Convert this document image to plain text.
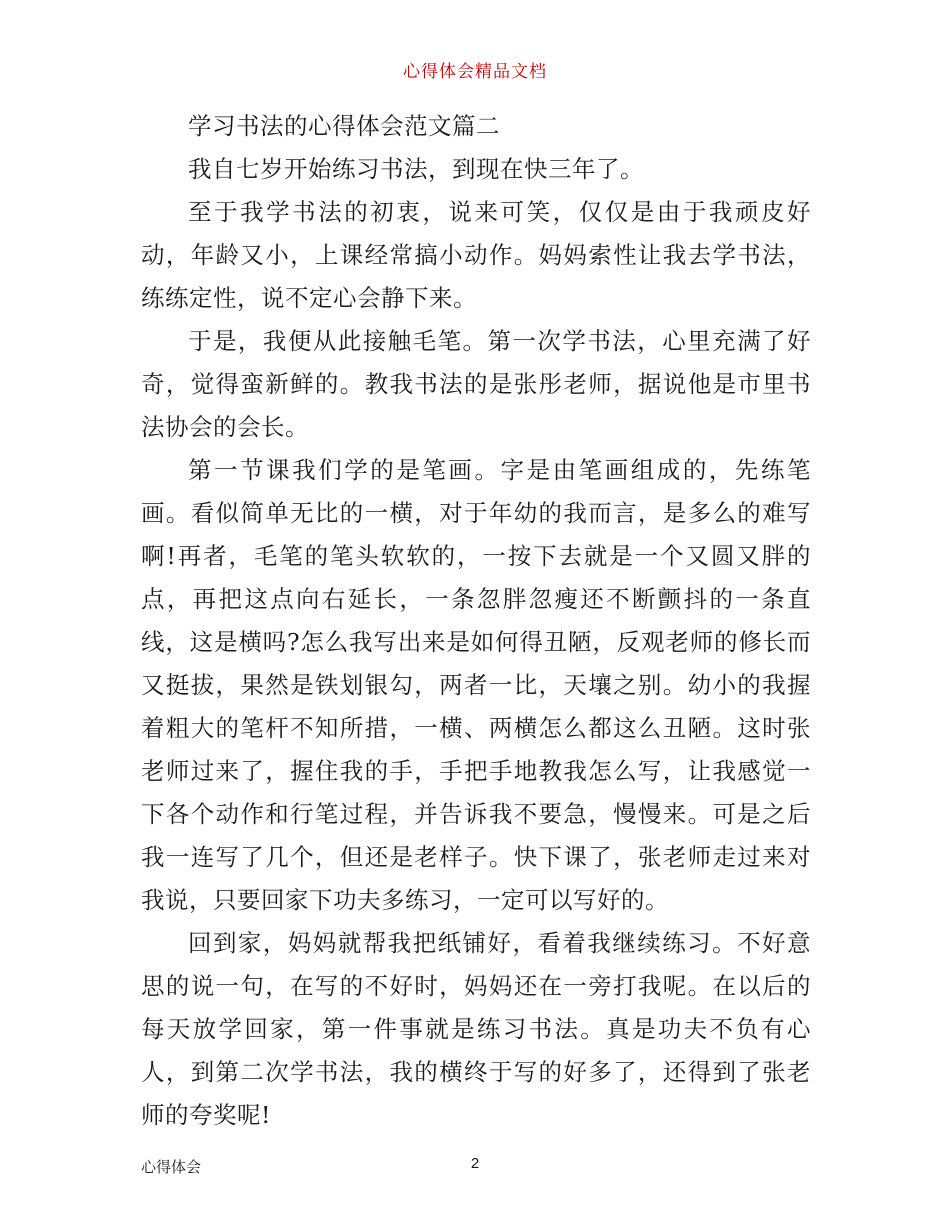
心得体会精品文档

学习书法的心得体会范文篇二

我自七岁开始练习书法，到现在快三年了。

至于我学书法的初衷，说来可笑，仅仅是由于我顽皮好动，年龄又小，上课经常搞小动作。妈妈索性让我去学书法，练练定性，说不定心会静下来。

于是，我便从此接触毛笔。第一次学书法，心里充满了好奇，觉得蛮新鲜的。教我书法的是张彤老师，据说他是市里书法协会的会长。

第一节课我们学的是笔画。字是由笔画组成的，先练笔画。看似简单无比的一横，对于年幼的我而言，是多么的难写啊!再者，毛笔的笔头软软的，一按下去就是一个又圆又胖的点，再把这点向右延长，一条忽胖忽瘦还不断颤抖的一条直线，这是横吗?怎么我写出来是如何得丑陋，反观老师的修长而又挺拔，果然是铁划银勾，两者一比，天壤之别。幼小的我握着粗大的笔杆不知所措，一横、两横怎么都这么丑陋。这时张老师过来了，握住我的手，手把手地教我怎么写，让我感觉一下各个动作和行笔过程，并告诉我不要急，慢慢来。可是之后我一连写了几个，但还是老样子。快下课了，张老师走过来对我说，只要回家下功夫多练习，一定可以写好的。

回到家，妈妈就帮我把纸铺好，看着我继续练习。不好意思的说一句，在写的不好时，妈妈还在一旁打我呢。在以后的每天放学回家，第一件事就是练习书法。真是功夫不负有心人，到第二次学书法，我的横终于写的好多了，还得到了张老师的夸奖呢!

心得体会	2
